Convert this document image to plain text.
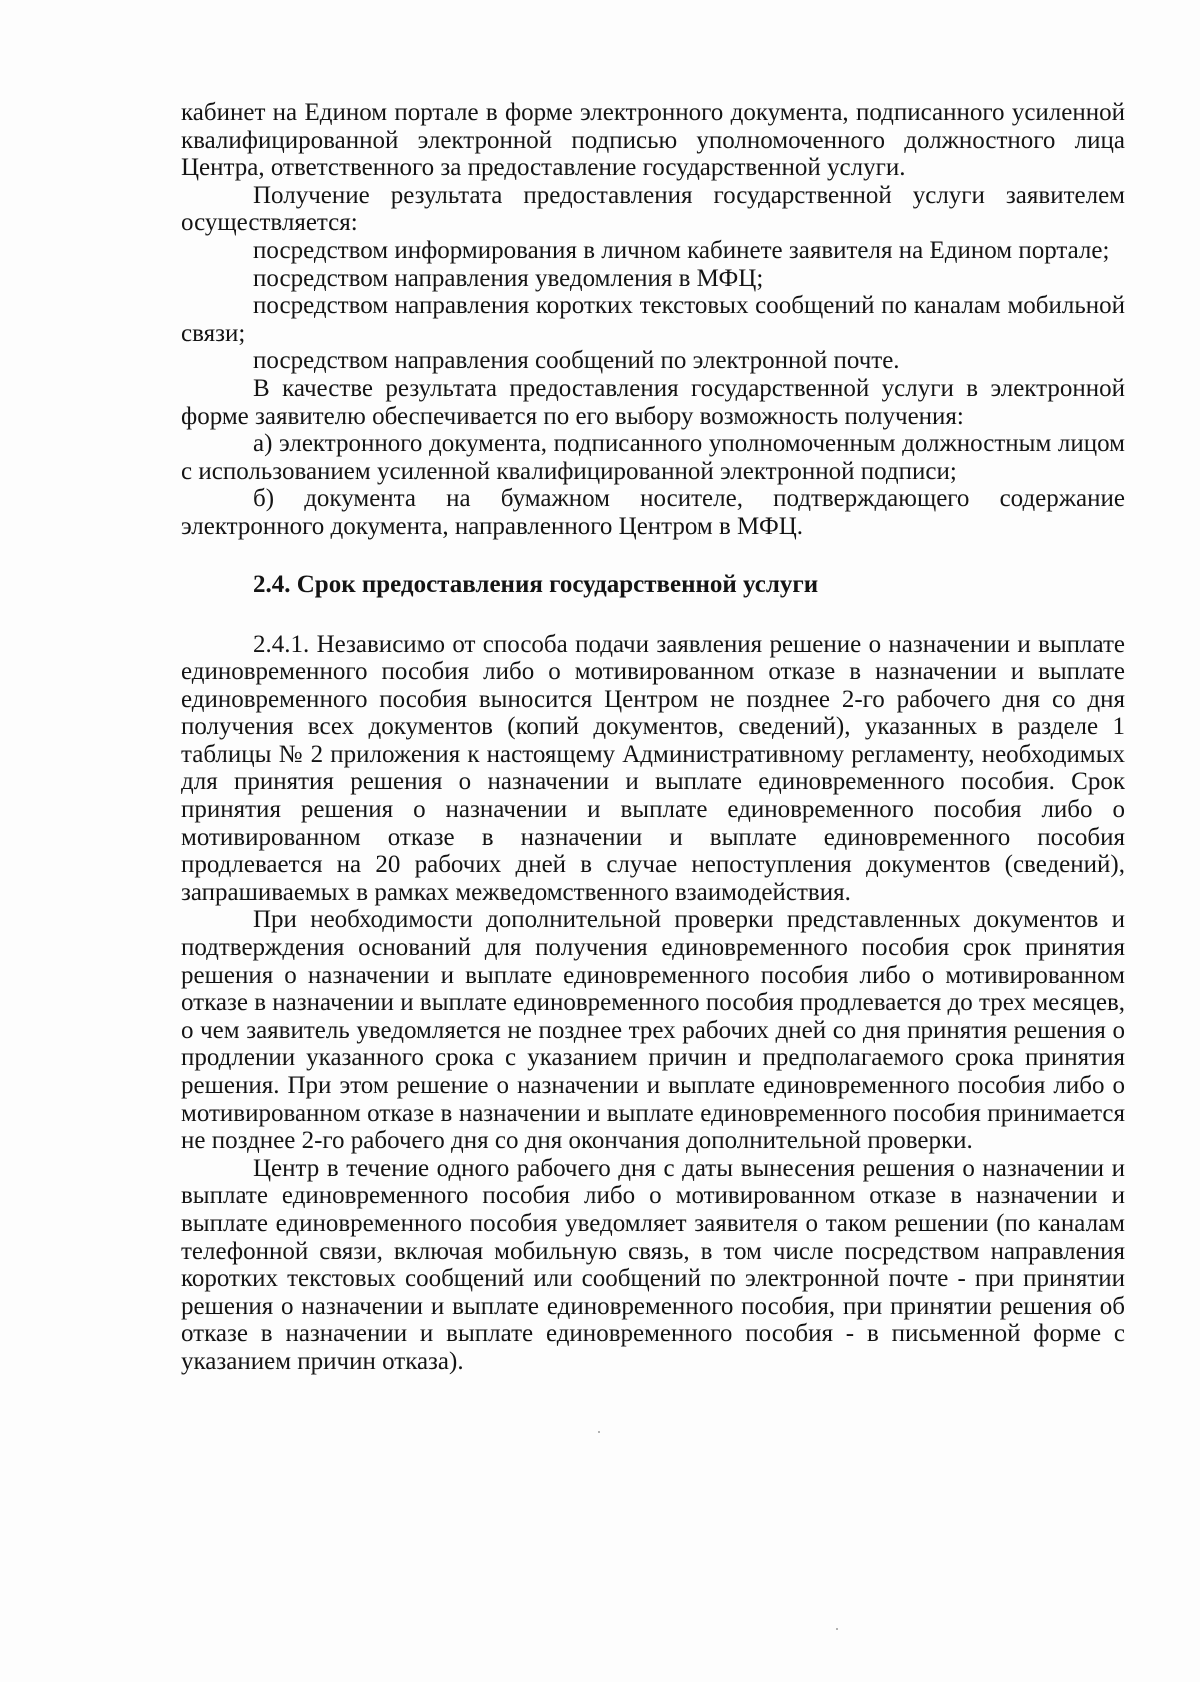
кабинет на Едином портале в форме электронного документа, подписанного усиленной квалифицированной электронной подписью уполномоченного должностного лица Центра, ответственного за предоставление государственной услуги.

Получение результата предоставления государственной услуги заявителем осуществляется:

посредством информирования в личном кабинете заявителя на Едином портале;

посредством направления уведомления в МФЦ;

посредством направления коротких текстовых сообщений по каналам мобильной связи;

посредством направления сообщений по электронной почте.

В качестве результата предоставления государственной услуги в электронной форме заявителю обеспечивается по его выбору возможность получения:

а) электронного документа, подписанного уполномоченным должностным лицом с использованием усиленной квалифицированной электронной подписи;

б) документа на бумажном носителе, подтверждающего содержание электронного документа, направленного Центром в МФЦ.

2.4. Срок предоставления государственной услуги

2.4.1. Независимо от способа подачи заявления решение о назначении и выплате единовременного пособия либо о мотивированном отказе в назначении и выплате единовременного пособия выносится Центром не позднее 2-го рабочего дня со дня получения всех документов (копий документов, сведений), указанных в разделе 1 таблицы № 2 приложения к настоящему Административному регламенту, необходимых для принятия решения о назначении и выплате единовременного пособия. Срок принятия решения о назначении и выплате единовременного пособия либо о мотивированном отказе в назначении и выплате единовременного пособия продлевается на 20 рабочих дней в случае непоступления документов (сведений), запрашиваемых в рамках межведомственного взаимодействия.

При необходимости дополнительной проверки представленных документов и подтверждения оснований для получения единовременного пособия срок принятия решения о назначении и выплате единовременного пособия либо о мотивированном отказе в назначении и выплате единовременного пособия продлевается до трех месяцев, о чем заявитель уведомляется не позднее трех рабочих дней со дня принятия решения о продлении указанного срока с указанием причин и предполагаемого срока принятия решения. При этом решение о назначении и выплате единовременного пособия либо о мотивированном отказе в назначении и выплате единовременного пособия принимается не позднее 2-го рабочего дня со дня окончания дополнительной проверки.

Центр в течение одного рабочего дня с даты вынесения решения о назначении и выплате единовременного пособия либо о мотивированном отказе в назначении и выплате единовременного пособия уведомляет заявителя о таком решении (по каналам телефонной связи, включая мобильную связь, в том числе посредством направления коротких текстовых сообщений или сообщений по электронной почте - при принятии решения о назначении и выплате единовременного пособия, при принятии решения об отказе в назначении и выплате единовременного пособия - в письменной форме с указанием причин отказа).
